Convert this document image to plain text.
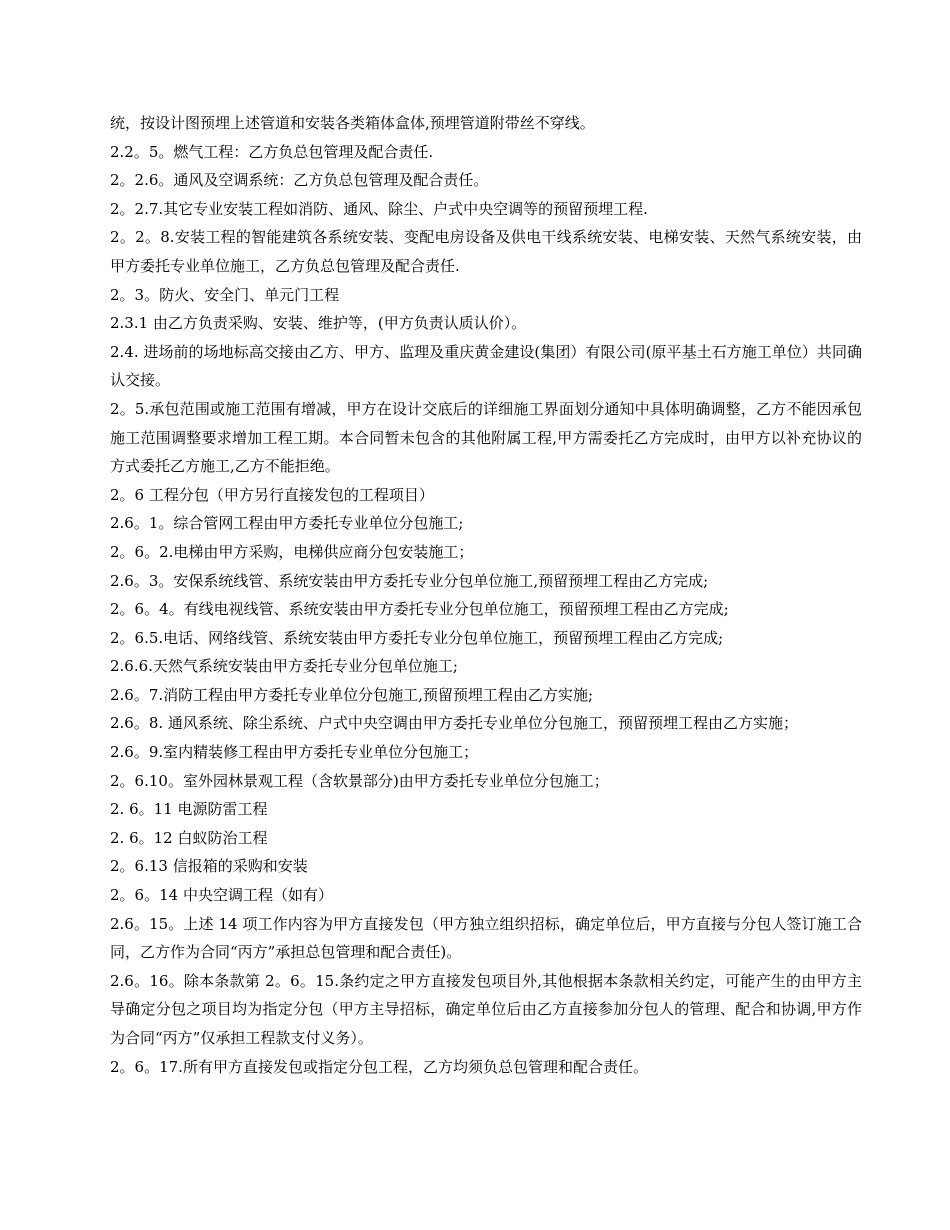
统，按设计图预埋上述管道和安装各类箱体盒体,预埋管道附带丝不穿线。

2.2。5。燃气工程：乙方负总包管理及配合责任.

2。2.6。通风及空调系统：乙方负总包管理及配合责任。

2。2.7.其它专业安装工程如消防、通风、除尘、户式中央空调等的预留预埋工程.

2。2。8.安装工程的智能建筑各系统安装、变配电房设备及供电干线系统安装、电梯安装、天然气系统安装，由甲方委托专业单位施工，乙方负总包管理及配合责任.

2。3。防火、安全门、单元门工程

2.3.1 由乙方负责采购、安装、维护等，(甲方负责认质认价）。

2.4. 进场前的场地标高交接由乙方、甲方、监理及重庆黄金建设(集团）有限公司(原平基土石方施工单位）共同确认交接。

2。5.承包范围或施工范围有增减，甲方在设计交底后的详细施工界面划分通知中具体明确调整，乙方不能因承包施工范围调整要求增加工程工期。本合同暂未包含的其他附属工程,甲方需委托乙方完成时，由甲方以补充协议的方式委托乙方施工,乙方不能拒绝。

2。6 工程分包（甲方另行直接发包的工程项目）

2.6。1。综合管网工程由甲方委托专业单位分包施工;

2。6。2.电梯由甲方采购，电梯供应商分包安装施工；

2.6。3。安保系统线管、系统安装由甲方委托专业分包单位施工,预留预埋工程由乙方完成;

2。6。4。有线电视线管、系统安装由甲方委托专业分包单位施工，预留预埋工程由乙方完成;

2。6.5.电话、网络线管、系统安装由甲方委托专业分包单位施工，预留预埋工程由乙方完成;

2.6.6.天然气系统安装由甲方委托专业分包单位施工;

2.6。7.消防工程由甲方委托专业单位分包施工,预留预埋工程由乙方实施;

2.6。8. 通风系统、除尘系统、户式中央空调由甲方委托专业单位分包施工，预留预埋工程由乙方实施；

2.6。9.室内精装修工程由甲方委托专业单位分包施工；

2。6.10。室外园林景观工程（含软景部分)由甲方委托专业单位分包施工；

2. 6。11 电源防雷工程

2. 6。12 白蚁防治工程

2。6.13 信报箱的采购和安装

2。6。14 中央空调工程（如有）

2.6。15。上述 14 项工作内容为甲方直接发包（甲方独立组织招标，确定单位后，甲方直接与分包人签订施工合同，乙方作为合同“丙方”承担总包管理和配合责任)。

2.6。16。除本条款第 2。6。15.条约定之甲方直接发包项目外,其他根据本条款相关约定，可能产生的由甲方主导确定分包之项目均为指定分包（甲方主导招标，确定单位后由乙方直接参加分包人的管理、配合和协调,甲方作为合同“丙方”仅承担工程款支付义务）。

2。6。17.所有甲方直接发包或指定分包工程，乙方均须负总包管理和配合责任。
